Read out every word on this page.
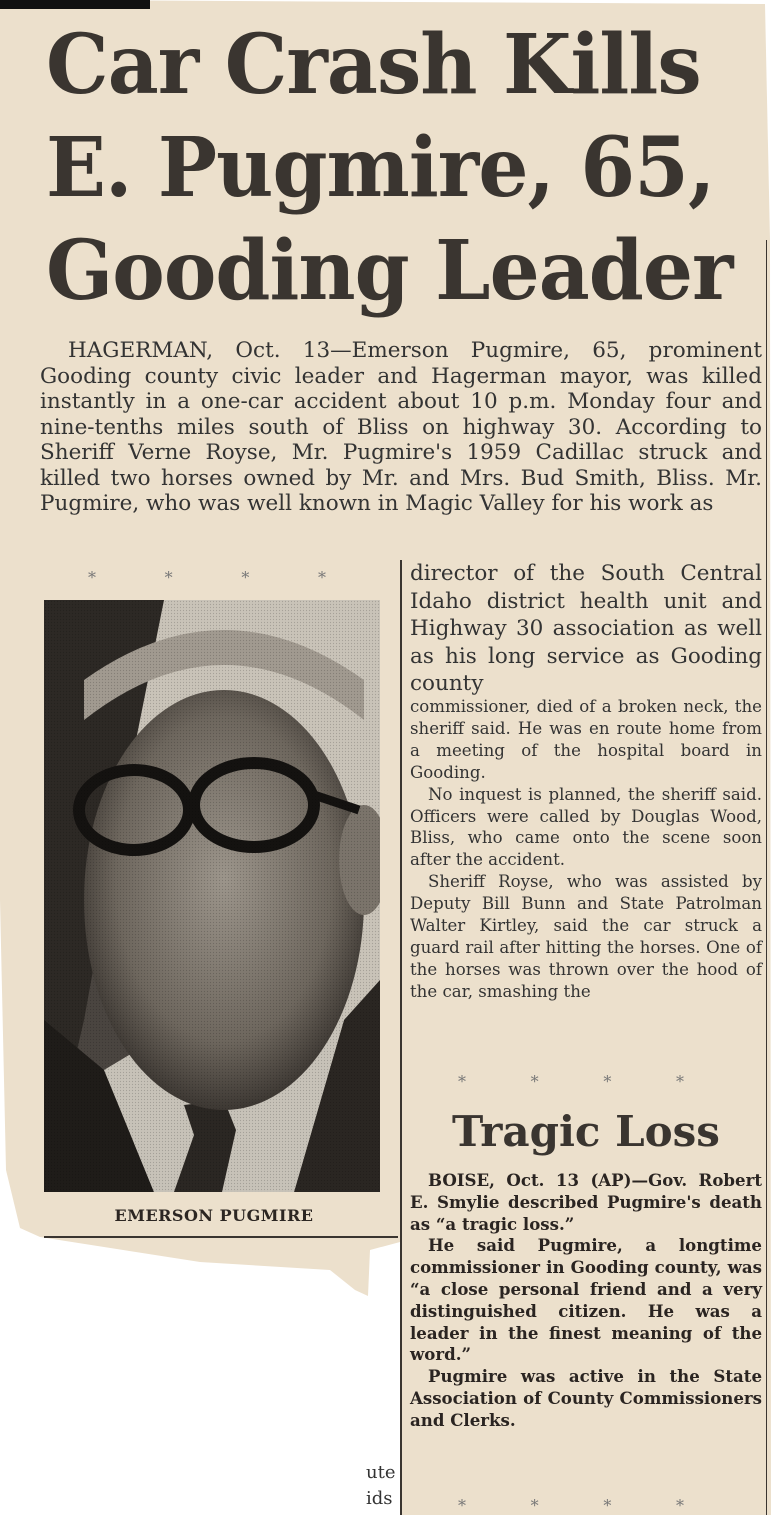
Car Crash Kills
E. Pugmire, 65,
Gooding Leader

HAGERMAN, Oct. 13—Emerson Pugmire, 65, prominent Gooding county civic leader and Hagerman mayor, was killed instantly in a one-car accident about 10 p.m. Monday four and nine-tenths miles south of Bliss on highway 30. According to Sheriff Verne Royse, Mr. Pugmire's 1959 Cadillac struck and killed two horses owned by Mr. and Mrs. Bud Smith, Bliss. Mr. Pugmire, who was well known in Magic Valley for his work as

*	*	*	*

EMERSON PUGMIRE

director of the South Central Idaho district health unit and Highway 30 association as well as his long service as Gooding county

commissioner, died of a broken neck, the sheriff said. He was en route home from a meeting of the hospital board in Gooding.

No inquest is planned, the sheriff said. Officers were called by Douglas Wood, Bliss, who came onto the scene soon after the accident.

Sheriff Royse, who was assisted by Deputy Bill Bunn and State Patrolman Walter Kirtley, said the car struck a guard rail after hitting the horses. One of the horses was thrown over the hood of the car, smashing the

*	*	*	*
Tragic Loss

BOISE, Oct. 13 (AP)—Gov. Robert E. Smylie described Pugmire's death as “a tragic loss.”

He said Pugmire, a longtime commissioner in Gooding county, was “a close personal friend and a very distinguished citizen. He was a leader in the finest meaning of the word.”

Pugmire was active in the State Association of County Commissioners and Clerks.

*	*	*	*
ute
ids
